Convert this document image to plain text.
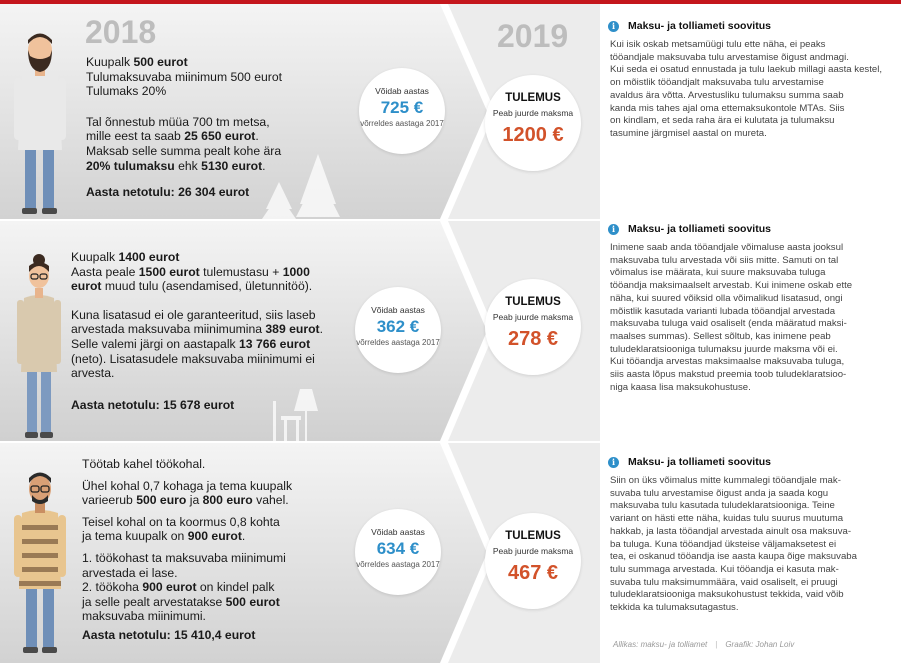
2018	2019

Kuupalk 500 eurot

Tulumaksuvaba miinimum 500 eurot

Tulumaks 20%

Tal õnnestub müüa 700 tm metsa,

mille eest ta saab 25 650 eurot.

Maksab selle summa pealt kohe ära

20% tulumaksu ehk 5130 eurot.

Aasta netotulu: 26 304 eurot

Võidab aastas
725 €
võrreldes aastaga 2017
TULEMUS
Peab juurde maksma
1200 €

Kuupalk 1400 eurot

Aasta peale 1500 eurot tulemustasu + 1000

eurot muud tulu (asendamised, ületunnitöö).

Kuna lisatasud ei ole garanteeritud, siis laseb

arvestada maksuvaba miinimumina 389 eurot.

Selle valemi järgi on aastapalk 13 766 eurot

(neto). Lisatasudele maksuvaba miinimumi ei

arvesta.

Aasta netotulu: 15 678 eurot

Võidab aastas
362 €
võrreldes aastaga 2017
TULEMUS
Peab juurde maksma
278 €

Töötab kahel töökohal.

Ühel kohal 0,7 kohaga ja tema kuupalk

varieerub 500 euro ja 800 euro vahel.

Teisel kohal on ta koormus 0,8 kohta

ja tema kuupalk on 900 eurot.

1. töökohast ta maksuvaba miinimumi

arvestada ei lase.

2. töökoha 900 eurot on kindel palk

ja selle pealt arvestatakse 500 eurot

maksuvaba miinimumi.

Aasta netotulu: 15 410,4 eurot

Võidab aastas
634 €
võrreldes aastaga 2017
TULEMUS
Peab juurde maksma
467 €
i	Maksu- ja tolliameti soovitus
Kui isik oskab metsamüügi tulu ette näha, ei peaks
tööandjale maksuvaba tulu arvestamise õigust andmagi.
Kui seda ei osatud ennustada ja tulu laekub millagi aasta kestel,
on mõistlik tööandjalt maksuvaba tulu arvestamise
avaldus ära võtta. Arvestusliku tulumaksu summa saab
kanda mis tahes ajal oma ettemaksukontole MTAs. Siis
on kindlam, et seda raha ära ei kulutata ja tulumaksu
tasumine järgmisel aastal on mureta.
i	Maksu- ja tolliameti soovitus
Inimene saab anda tööandjale võimaluse aasta jooksul
maksuvaba tulu arvestada või siis mitte. Samuti on tal
võimalus ise määrata, kui suure maksuvaba tuluga
tööandja maksimaalselt arvestab. Kui inimene oskab ette
näha, kui suured võiksid olla võimalikud lisatasud, ongi
mõistlik kasutada varianti lubada tööandjal arvestada
maksuvaba tuluga vaid osaliselt (enda määratud maksi-
maalses summas). Sellest sõltub, kas inimene peab
tuludeklaratsiooniga tulumaksu juurde maksma või ei.
Kui tööandja arvestas maksimaalse maksuvaba tuluga,
siis aasta lõpus makstud preemia toob tuludeklaratsioo-
niga kaasa lisa maksukohustuse.
i	Maksu- ja tolliameti soovitus
Siin on üks võimalus mitte kummalegi tööandjale mak-
suvaba tulu arvestamise õigust anda ja saada kogu
maksuvaba tulu kasutada tuludeklaratsiooniga. Teine
variant on hästi ette näha, kuidas tulu suurus muutuma
hakkab, ja lasta tööandjal arvestada ainult osa maksuva-
ba tuluga. Kuna tööandjad üksteise väljamaksetest ei
tea, ei oskanud tööandja ise aasta kaupa õige maksuvaba
tulu summaga arvestada. Kui tööandja ei kasuta mak-
suvaba tulu maksimummäära, vaid osaliselt, ei pruugi
tuludeklaratsiooniga maksukohustust tekkida, vaid võib
tekkida ka tulumaksutagastus.
Allikas: maksu- ja tolliamet | Graafik: Johan Loiv
